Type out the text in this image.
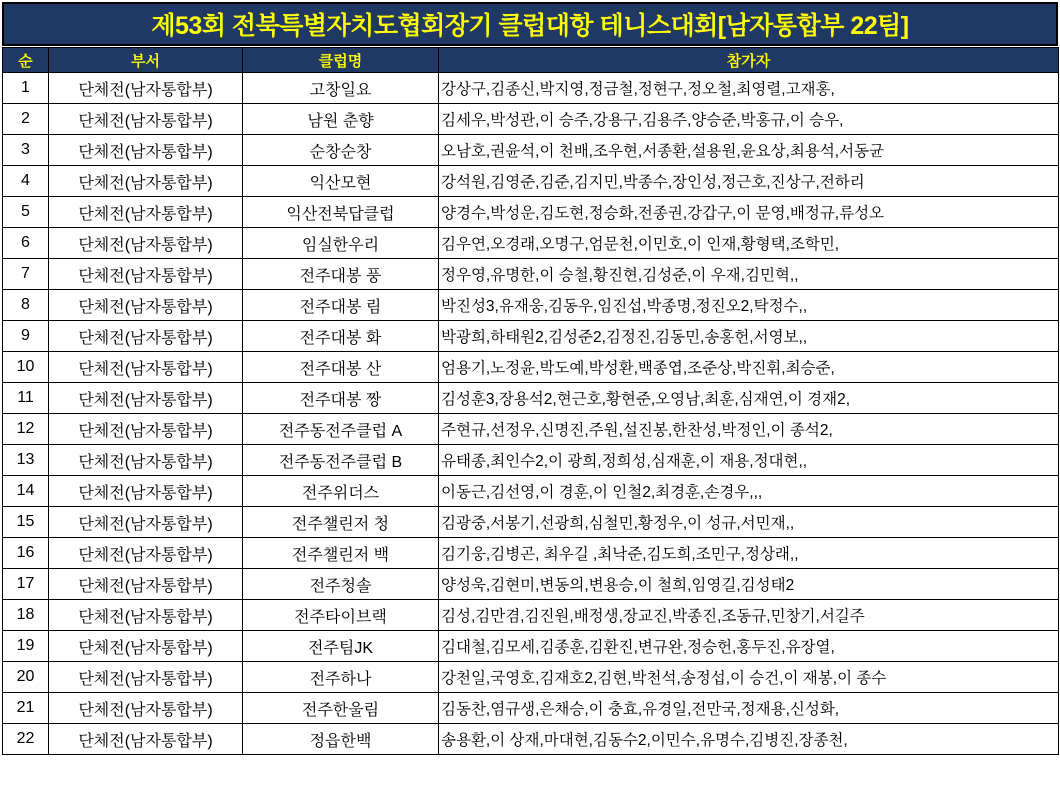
제53회 전북특별자치도협회장기 클럽대항 테니스대회[남자통합부 22팀]
순	부서	클럽명	참가자
1	단체전(남자통합부)	고창일요	강상구,김종신,박지영,정금철,정현구,정오철,최영렬,고재홍,
2	단체전(남자통합부)	남원 춘향	김세우,박성관,이 승주,강용구,김용주,양승준,박홍규,이 승우,
3	단체전(남자통합부)	순창순창	오남호,권윤석,이 천배,조우현,서종환,설용원,윤요상,최용석,서동균
4	단체전(남자통합부)	익산모현	강석원,김영준,김준,김지민,박종수,장인성,정근호,진상구,전하리
5	단체전(남자통합부)	익산전북답클럽	양경수,박성운,김도현,정승화,전종권,강갑구,이 문영,배정규,류성오
6	단체전(남자통합부)	임실한우리	김우연,오경래,오명구,엄문천,이민호,이 인재,황형택,조학민,
7	단체전(남자통합부)	전주대봉 풍	정우영,유명한,이 승철,황진현,김성준,이 우재,김민혁,,
8	단체전(남자통합부)	전주대봉 림	박진성3,유재웅,김동우,임진섭,박종명,정진오2,탁정수,,
9	단체전(남자통합부)	전주대봉 화	박광희,하태원2,김성준2,김정진,김동민,송홍헌,서영보,,
10	단체전(남자통합부)	전주대봉 산	엄용기,노정윤,박도예,박성환,백종엽,조준상,박진휘,최승준,
11	단체전(남자통합부)	전주대봉 짱	김성훈3,장용석2,현근호,황현준,오영남,최훈,심재연,이 경재2,
12	단체전(남자통합부)	전주동전주클럽 A	주현규,선정우,신명진,주원,설진봉,한찬성,박정인,이 종석2,
13	단체전(남자통합부)	전주동전주클럽 B	유태종,최인수2,이 광희,정희성,심재훈,이 재용,정대현,,
14	단체전(남자통합부)	전주위더스	이동근,김선영,이 경훈,이 인철2,최경훈,손경우,,,
15	단체전(남자통합부)	전주챌린저 청	김광중,서봉기,선광희,심철민,황정우,이 성규,서민재,,
16	단체전(남자통합부)	전주챌린저 백	김기웅,김병곤, 최우길 ,최낙준,김도희,조민구,정상래,,
17	단체전(남자통합부)	전주청솔	양성욱,김현미,변동의,변용승,이 철희,임영길,김성태2
18	단체전(남자통합부)	전주타이브랙	김성,김만겸,김진원,배정생,장교진,박종진,조동규,민창기,서길주
19	단체전(남자통합부)	전주팀JK	김대철,김모세,김종훈,김환진,변규완,정승헌,홍두진,유장열,
20	단체전(남자통합부)	전주하나	강천일,국영호,김재호2,김현,박천석,송정섭,이 승건,이 재봉,이 종수
21	단체전(남자통합부)	전주한울림	김동찬,염규생,은채승,이 충효,유경일,전만국,정재용,신성화,
22	단체전(남자통합부)	정읍한백	송용환,이 상재,마대현,김동수2,이민수,유명수,김병진,장종천,
